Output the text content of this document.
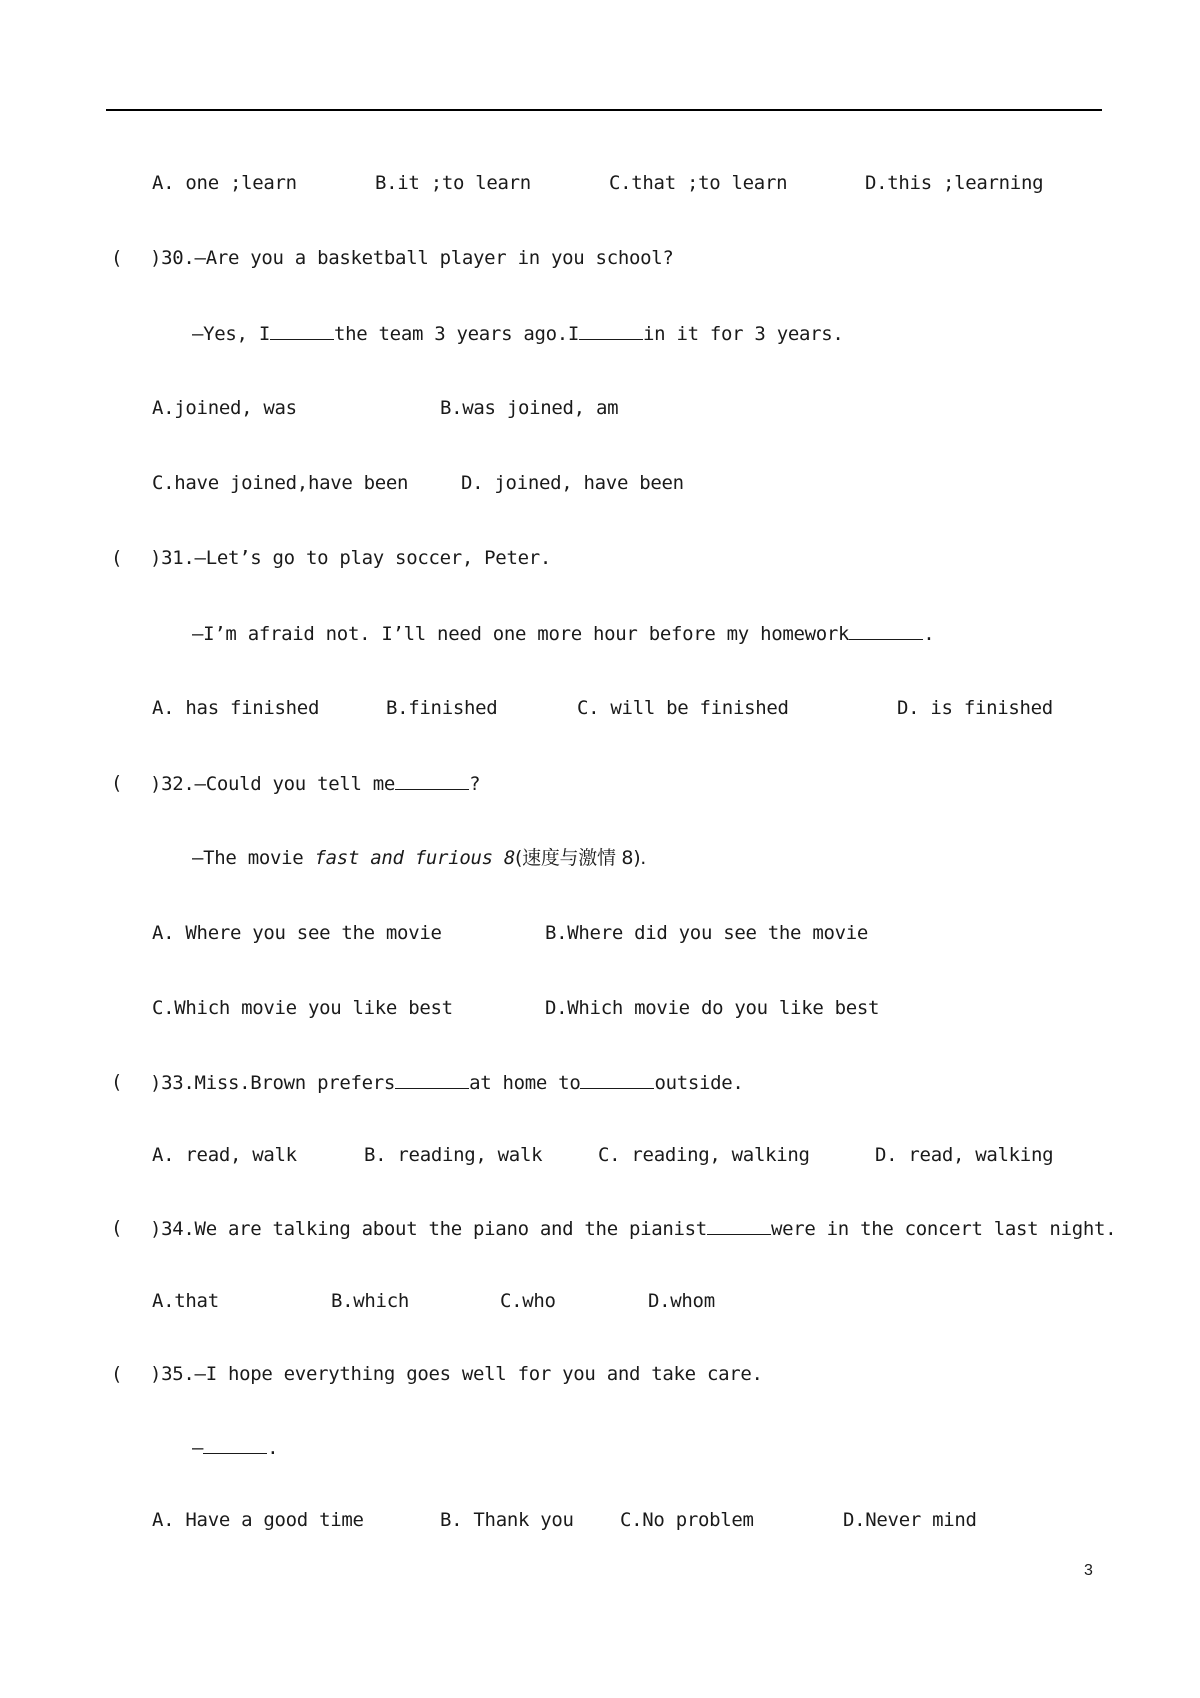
A. one ;learn	B.it ;to learn	C.that ;to learn	D.this ;learning
( )30.—Are you a basketball player in you school?
—Yes, I	the team 3 years ago.I	in it for 3 years.
A.joined, was	B.was joined, am
C.have joined,have been	D. joined, have been
( )31.—Let’s go to play soccer, Peter.
—I’m afraid not. I’ll need one more hour before my homework	.
A. has finished	B.finished	C. will be finished	D. is finished
( )32.—Could you tell me	?
—The movie fast and furious 8(速度与激情 8).
A. Where you see the movie	B.Where did you see the movie
C.Which movie you like best	D.Which movie do you like best
( )33.Miss.Brown prefers	at home to	outside.
A. read, walk	B. reading, walk	C. reading, walking	D. read, walking
( )34.We are talking about the piano and the pianist	were in the concert last night.
A.that	B.which	C.who	D.whom
( )35.—I hope everything goes well for you and take care.
—	.
A. Have a good time	B. Thank you C.No problem	D.Never mind
3
